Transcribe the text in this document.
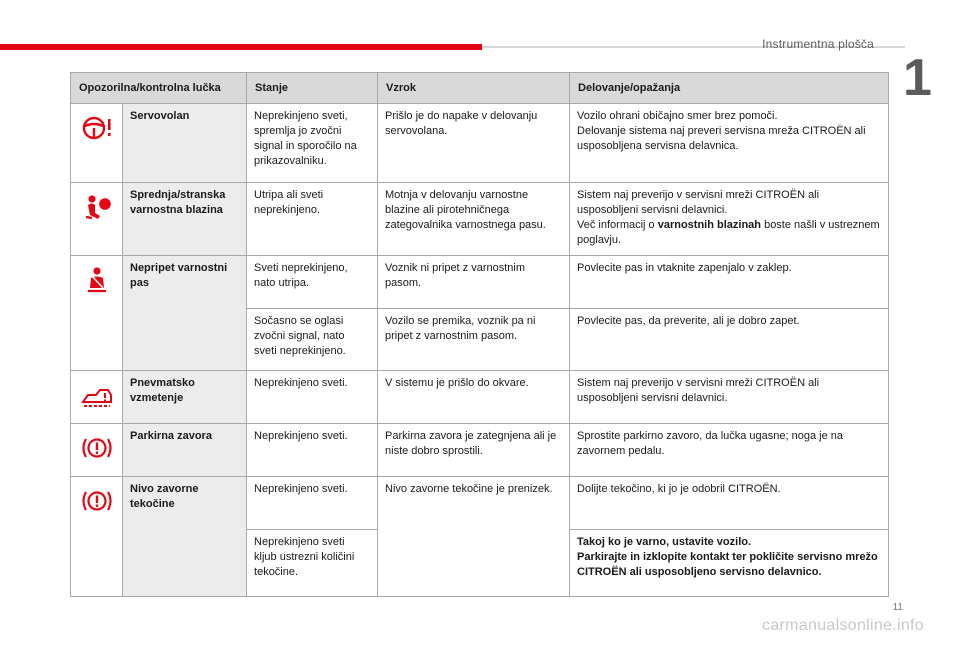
Instrumentna plošča
1
Opozorilna/kontrolna lučka		Stanje	Vzrok	Delovanje/opažanja

	Servovolan	Neprekinjeno sveti, spremlja jo zvočni signal in sporočilo na prikazovalniku.	Prišlo je do napake v delovanju servovolana.	Vozilo ohrani običajno smer brez pomoči.
Delovanje sistema naj preveri servisna mreža CITROËN ali usposobljena servisna delavnica.

	Sprednja/stranska varnostna blazina	Utripa ali sveti neprekinjeno.	Motnja v delovanju varnostne blazine ali pirotehničnega zategovalnika varnostnega pasu.	Sistem naj preverijo v servisni mreži CITROËN ali usposobljeni servisni delavnici.
Več informacij o varnostnih blazinah boste našli v ustreznem poglavju.

	Nepripet varnostni pas	Sveti neprekinjeno, nato utripa.	Voznik ni pripet z varnostnim pasom.	Povlecite pas in vtaknite zapenjalo v zaklep.
		Sočasno se oglasi zvočni signal, nato sveti neprekinjeno.	Vozilo se premika, voznik pa ni pripet z varnostnim pasom.	Povlecite pas, da preverite, ali je dobro zapet.

	Pnevmatsko vzmetenje	Neprekinjeno sveti.	V sistemu je prišlo do okvare.	Sistem naj preverijo v servisni mreži CITROËN ali usposobljeni servisni delavnici.

	Parkirna zavora	Neprekinjeno sveti.	Parkirna zavora je zategnjena ali je niste dobro sprostili.	Sprostite parkirno zavoro, da lučka ugasne; noga je na zavornem pedalu.

	Nivo zavorne tekočine	Neprekinjeno sveti.	Nivo zavorne tekočine je prenizek.	Dolijte tekočino, ki jo je odobril CITROËN.
		Neprekinjeno sveti kljub ustrezni količini tekočine.		Takoj ko je varno, ustavite vozilo.
Parkirajte in izklopite kontakt ter pokličite servisno mrežo CITROËN ali usposobljeno servisno delavnico.
11
carmanualsonline.info
